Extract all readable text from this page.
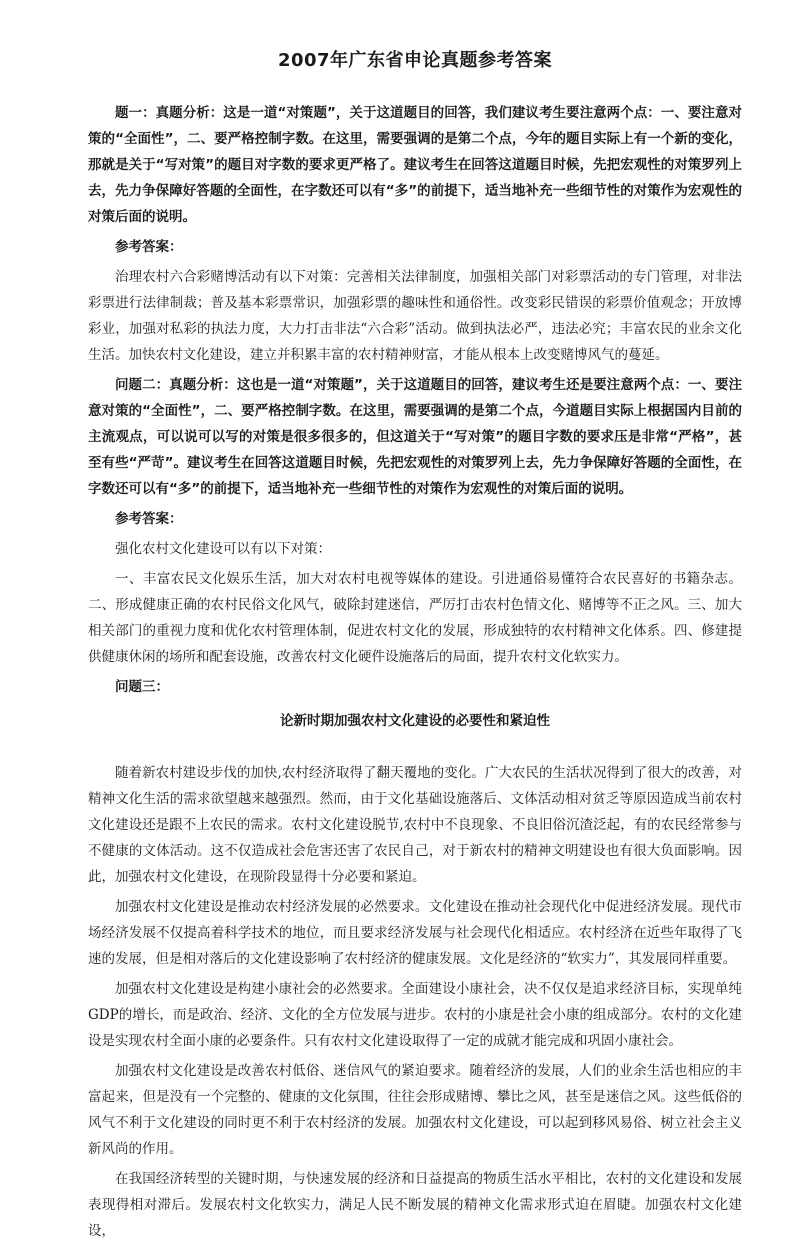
2007年广东省申论真题参考答案

题一：真题分析：这是一道“对策题”，关于这道题目的回答，我们建议考生要注意两个点：一、要注意对策的“全面性”，二、要严格控制字数。在这里，需要强调的是第二个点，今年的题目实际上有一个新的变化，那就是关于“写对策”的题目对字数的要求更严格了。建议考生在回答这道题目时候，先把宏观性的对策罗列上去，先力争保障好答题的全面性，在字数还可以有“多”的前提下，适当地补充一些细节性的对策作为宏观性的对策后面的说明。

参考答案：

治理农村六合彩赌博活动有以下对策：完善相关法律制度，加强相关部门对彩票活动的专门管理，对非法彩票进行法律制裁；普及基本彩票常识，加强彩票的趣味性和通俗性。改变彩民错误的彩票价值观念；开放博彩业，加强对私彩的执法力度，大力打击非法“六合彩”活动。做到执法必严，违法必究；丰富农民的业余文化生活。加快农村文化建设，建立并积累丰富的农村精神财富，才能从根本上改变赌博风气的蔓延。

问题二：真题分析：这也是一道“对策题”，关于这道题目的回答，建议考生还是要注意两个点：一、要注意对策的“全面性”，二、要严格控制字数。在这里，需要强调的是第二个点，今道题目实际上根据国内目前的主流观点，可以说可以写的对策是很多很多的，但这道关于“写对策”的题目字数的要求压是非常“严格”，甚至有些“严苛”。建议考生在回答这道题目时候，先把宏观性的对策罗列上去，先力争保障好答题的全面性，在字数还可以有“多”的前提下，适当地补充一些细节性的对策作为宏观性的对策后面的说明。

参考答案：

强化农村文化建设可以有以下对策：

一、丰富农民文化娱乐生活，加大对农村电视等媒体的建设。引进通俗易懂符合农民喜好的书籍杂志。二、形成健康正确的农村民俗文化风气，破除封建迷信，严厉打击农村色情文化、赌博等不正之风。三、加大相关部门的重视力度和优化农村管理体制，促进农村文化的发展，形成独特的农村精神文化体系。四、修建提供健康休闲的场所和配套设施，改善农村文化硬件设施落后的局面，提升农村文化软实力。

问题三：

论新时期加强农村文化建设的必要性和紧迫性

随着新农村建设步伐的加快,农村经济取得了翻天覆地的变化。广大农民的生活状况得到了很大的改善，对精神文化生活的需求欲望越来越强烈。然而，由于文化基础设施落后、文体活动相对贫乏等原因造成当前农村文化建设还是跟不上农民的需求。农村文化建设脱节,农村中不良现象、不良旧俗沉渣泛起，有的农民经常参与不健康的文体活动。这不仅造成社会危害还害了农民自己，对于新农村的精神文明建设也有很大负面影响。因此，加强农村文化建设，在现阶段显得十分必要和紧迫。

加强农村文化建设是推动农村经济发展的必然要求。文化建设在推动社会现代化中促进经济发展。现代市场经济发展不仅提高着科学技术的地位，而且要求经济发展与社会现代化相适应。农村经济在近些年取得了飞速的发展，但是相对落后的文化建设影响了农村经济的健康发展。文化是经济的“软实力”，其发展同样重要。

加强农村文化建设是构建小康社会的必然要求。全面建设小康社会，决不仅仅是追求经济目标，实现单纯GDP的增长，而是政治、经济、文化的全方位发展与进步。农村的小康是社会小康的组成部分。农村的文化建设是实现农村全面小康的必要条件。只有农村文化建设取得了一定的成就才能完成和巩固小康社会。

加强农村文化建设是改善农村低俗、迷信风气的紧迫要求。随着经济的发展，人们的业余生活也相应的丰富起来，但是没有一个完整的、健康的文化氛围，往往会形成赌博、攀比之风，甚至是迷信之风。这些低俗的风气不利于文化建设的同时更不利于农村经济的发展。加强农村文化建设，可以起到移风易俗、树立社会主义新风尚的作用。

在我国经济转型的关键时期，与快速发展的经济和日益提高的物质生活水平相比，农村的文化建设和发展表现得相对滞后。发展农村文化软实力，满足人民不断发展的精神文化需求形式迫在眉睫。加强农村文化建设，
